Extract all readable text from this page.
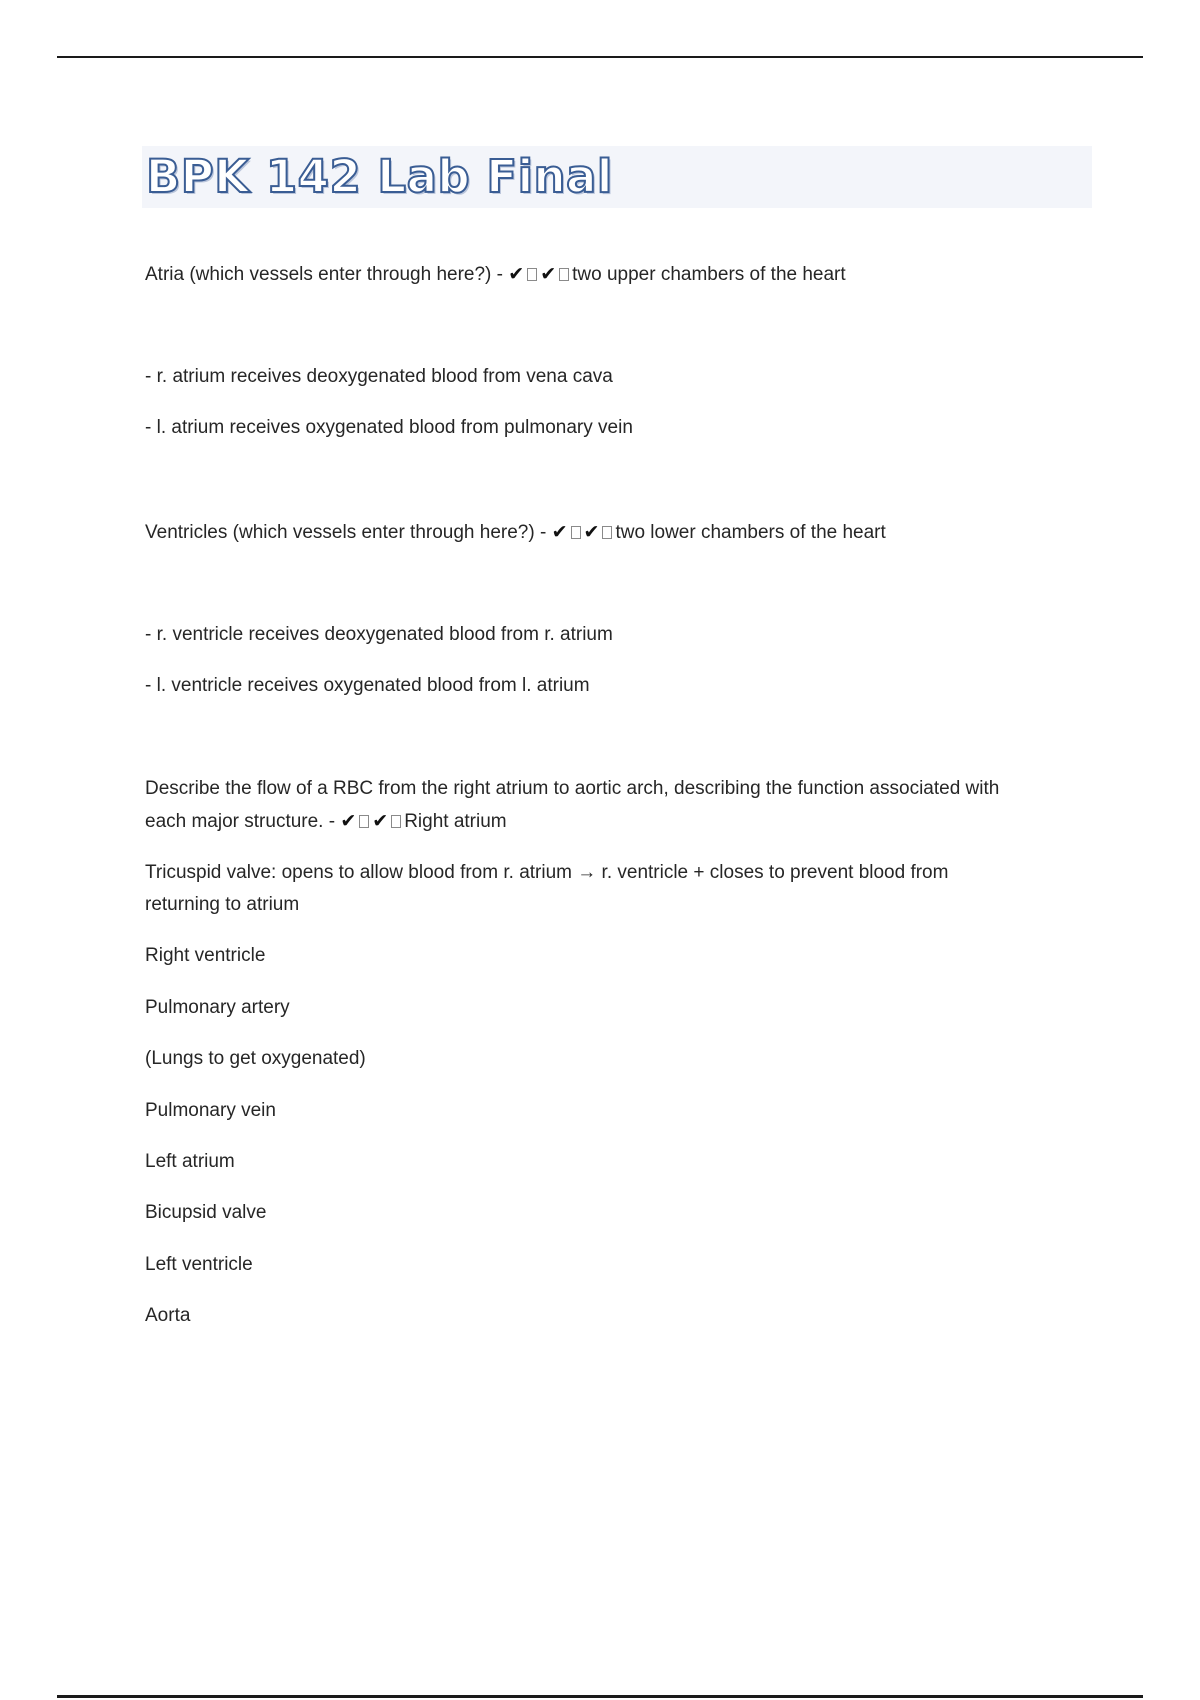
BPK 142 Lab Final

Atria (which vessels enter through here?) - ✔ ✔ two upper chambers of the heart

- r. atrium receives deoxygenated blood from vena cava

- l. atrium receives oxygenated blood from pulmonary vein

Ventricles (which vessels enter through here?) - ✔ ✔ two lower chambers of the heart

- r. ventricle receives deoxygenated blood from r. atrium

- l. ventricle receives oxygenated blood from l. atrium

Describe the flow of a RBC from the right atrium to aortic arch, describing the function associated with

each major structure. - ✔ ✔ Right atrium

Tricuspid valve: opens to allow blood from r. atrium → r. ventricle + closes to prevent blood from

returning to atrium

Right ventricle

Pulmonary artery

(Lungs to get oxygenated)

Pulmonary vein

Left atrium

Bicupsid valve

Left ventricle

Aorta
